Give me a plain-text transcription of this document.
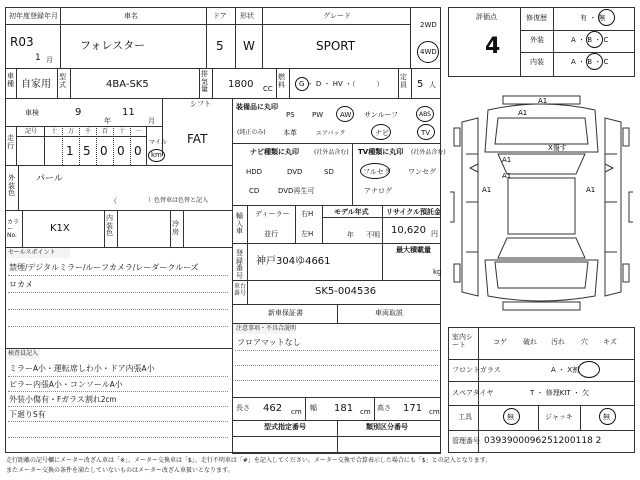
初年度登録年月
R03
1 月
車名
フォレスター
ドア
5
形状
W
グレード
SPORT
2WD
4WD
車種 自家用
型式	4BA-SK5
排気量 1800 CC
燃料 G ・ D ・ HV ・（　　　）
定員 5 人
車検	9
年
11
月
シフト
FAT
走行
記号 十 万 千 百 十 一
1 5 0 0 0
マイル
km
外装色
パール
（	）色替車は色替と記入
カラーNo.
K1X
内装色
冷房
セールスポイント
禁煙/デジタルミラー/ルーフカメラ/レーダークルーズ
ロカメ
検査員記入
ミラーA小・運転席しわ小・ドア内張A小
ピラー内張A小・コンソールA小
外装小傷有・Fガラス割れ2cm
下廻りS有
装備品に丸印
(純正のみ)
PS PW AW サンルーフ	ABS
本革	エアバック	ナビ	TV
ナビ種類に丸印	(社外品含む)
HDD	DVD	SD
CD	DVD再生可
TV種類に丸印 (社外品含む)
フルセグ ワンセグ
アナログ
輸入車
ディーラー
並行
右H
左H
モデル年式
年 不明
リサイクル預託金
10,620 円
登録番号
神戸304ゆ4661
最大積載量
kg
車台番号	SK5-004536
新車保証書	車両取説
注意事項・不具合説明
フロアマットなし
長さ 462 cm 幅 181 cm 高さ 171 cm
型式指定番号	類別区分番号
評価点
4
修復歴	有 ・ 無
外装	A ・ B ・ C
内装	A ・ B ・ C
A1
A1
X傷す
A1
A1
A1	A1
室内シート	コゲ 破れ 汚れ 穴 キズ
フロントガラス	A ・ X割
スペアタイヤ	T ・ 修理KIT ・ 欠
工具	無	ジャッキ	無
管理番号 0393900096251200118 2
走行距離の記号欄にメーター改ざん車は「※」、メーター交換車は「$」、走行不明車は「#」を記入してください。メーター交換で合算表示した場合にも「$」との記入となります。
またメーター交換の条件を満たしていないものはメーター改ざん車扱いとなります。
